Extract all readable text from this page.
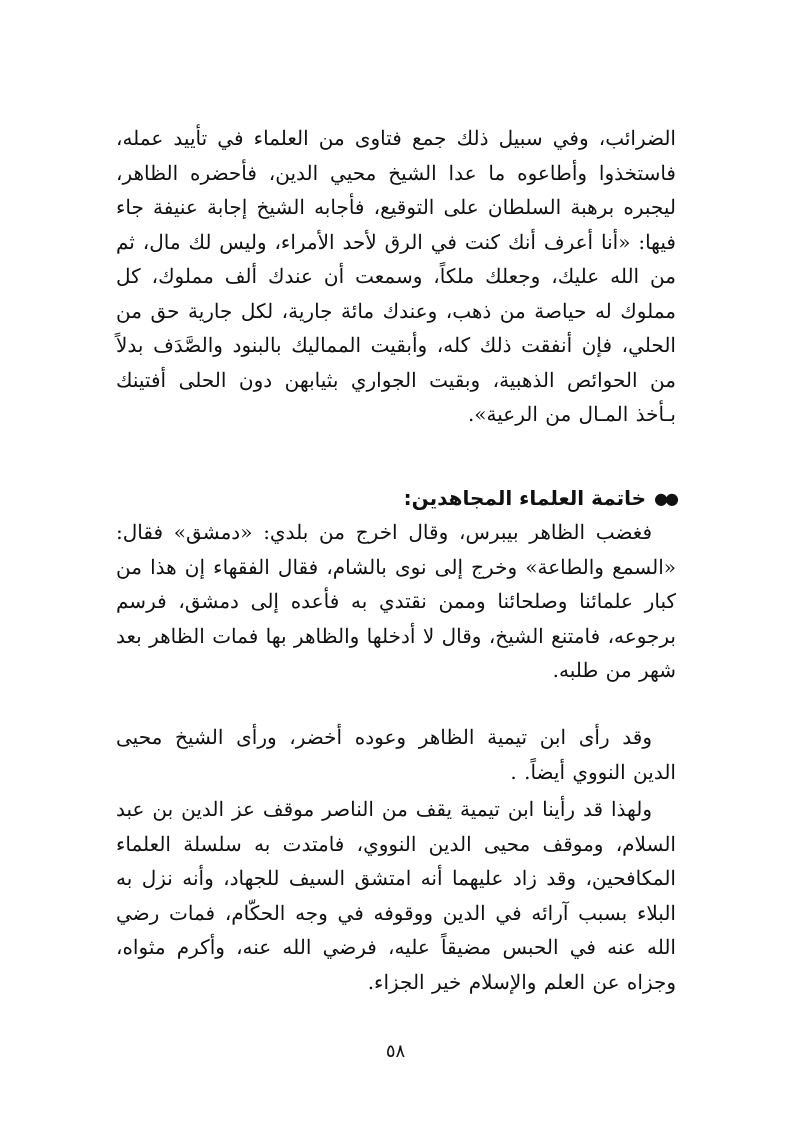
الضرائب، وفي سبيل ذلك جمع فتاوى من العلماء في تأييد عمله، فاستخذوا وأطاعوه ما عدا الشيخ محيي الدين، فأحضره الظاهر، ليجبره برهبة السلطان على التوقيع، فأجابه الشيخ إجابة عنيفة جاء فيها: «أنا أعرف أنك كنت في الرق لأحد الأمراء، وليس لك مال، ثم من الله عليك، وجعلك ملكاً، وسمعت أن عندك ألف مملوك، كل مملوك له حياصة من ذهب، وعندك مائة جارية، لكل جارية حق من الحلي، فإن أنفقت ذلك كله، وأبقيت المماليك بالبنود والصَّدَف بدلاً من الحوائص الذهبية، وبقيت الجواري بثيابهن دون الحلى أفتينك بـأخذ المـال من الرعية».

●●خاتمة العلماء المجاهدين:

فغضب الظاهر بيبرس، وقال اخرج من بلدي: «دمشق» فقال: «السمع والطاعة» وخرج إلى نوى بالشام، فقال الفقهاء إن هذا من كبار علمائنا وصلحائنا وممن نقتدي به فأعده إلى دمشق، فرسم برجوعه، فامتنع الشيخ، وقال لا أدخلها والظاهر بها فمات الظاهر بعد شهر من طلبه.

وقد رأى ابن تيمية الظاهر وعوده أخضر، ورأى الشيخ محيى الدين النووي أيضاً. .

ولهذا قد رأينا ابن تيمية يقف من الناصر موقف عز الدين بن عبد السلام، وموقف محيى الدين النووي، فامتدت به سلسلة العلماء المكافحين، وقد زاد عليهما أنه امتشق السيف للجهاد، وأنه نزل به البلاء بسبب آرائه في الدين ووقوفه في وجه الحكّام، فمات رضي الله عنه في الحبس مضيقاً عليه، فرضي الله عنه، وأكرم مثواه، وجزاه عن العلم والإسلام خير الجزاء.

٥٨
